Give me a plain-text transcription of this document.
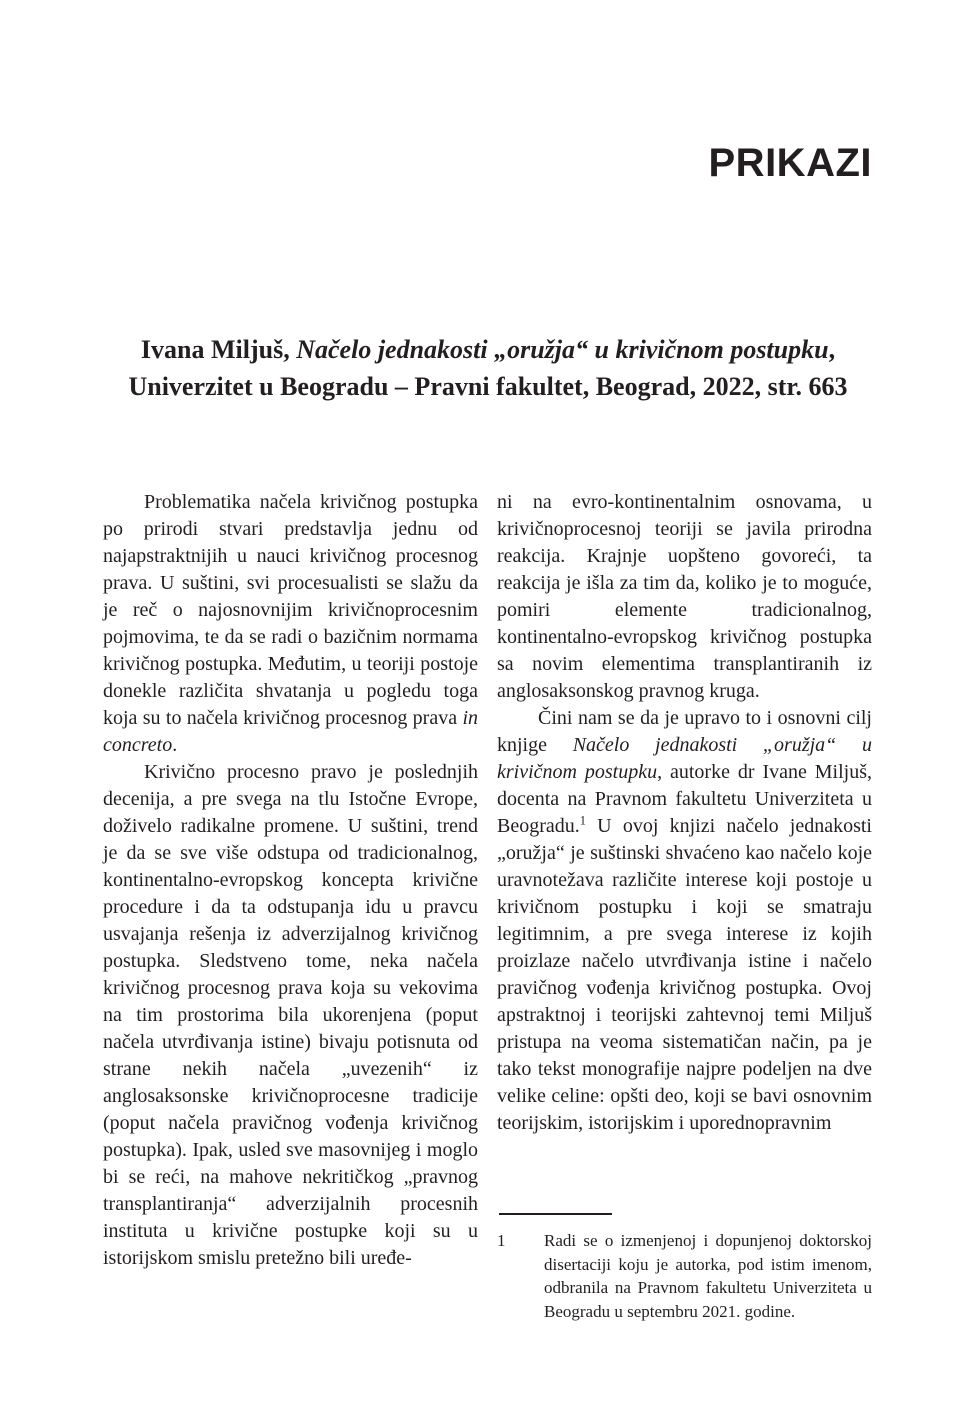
PRIKAZI
Ivana Miljuš, Načelo jednakosti „oružja“ u krivičnom postupku, Univerzitet u Beogradu – Pravni fakultet, Beograd, 2022, str. 663

Problematika načela krivičnog postupka po prirodi stvari predstavlja jednu od najapstraktnijih u nauci krivičnog procesnog prava. U suštini, svi procesualisti se slažu da je reč o najosnovnijim krivičnoprocesnim pojmovima, te da se radi o bazičnim normama krivičnog postupka. Međutim, u teoriji postoje donekle različita shvatanja u pogledu toga koja su to načela krivičnog procesnog prava in concreto.

Krivično procesno pravo je poslednjih decenija, a pre svega na tlu Istočne Evrope, doživelo radikalne promene. U suštini, trend je da se sve više odstupa od tradicionalnog, kontinentalno-evropskog koncepta krivične procedure i da ta odstupanja idu u pravcu usvajanja rešenja iz adverzijalnog krivičnog postupka. Sledstveno tome, neka načela krivičnog procesnog prava koja su vekovima na tim prostorima bila ukorenjena (poput načela utvrđivanja istine) bivaju potisnuta od strane nekih načela „uvezenih“ iz anglosaksonske krivičnoprocesne tradicije (poput načela pravičnog vođenja krivičnog postupka). Ipak, usled sve masovnijeg i moglo bi se reći, na mahove nekritičkog „pravnog transplantiranja“ adverzijalnih procesnih instituta u krivične postupke koji su u istorijskom smislu pretežno bili uređe-

ni na evro-kontinentalnim osnovama, u krivičnoprocesnoj teoriji se javila prirodna reakcija. Krajnje uopšteno govoreći, ta reakcija je išla za tim da, koliko je to moguće, pomiri elemente tradicionalnog, kontinentalno-evropskog krivičnog postupka sa novim elementima transplantiranih iz anglosaksonskog pravnog kruga.

Čini nam se da je upravo to i osnovni cilj knjige Načelo jednakosti „oružja“ u krivičnom postupku, autorke dr Ivane Miljuš, docenta na Pravnom fakultetu Univerziteta u Beogradu.$^1$ U ovoj knjizi načelo jednakosti „oružja“ je suštinski shvaćeno kao načelo koje uravnotežava različite interese koji postoje u krivičnom postupku i koji se smatraju legitimnim, a pre svega interese iz kojih proizlaze načelo utvrđivanja istine i načelo pravičnog vođenja krivičnog postupka. Ovoj apstraktnoj i teorijski zahtevnoj temi Miljuš pristupa na veoma sistematičan način, pa je tako tekst monografije najpre podeljen na dve velike celine: opšti deo, koji se bavi osnovnim teorijskim, istorijskim i uporednopravnim

1	Radi se o izmenjenoj i dopunjenoj doktorskoj disertaciji koju je autorka, pod istim imenom, odbranila na Pravnom fakultetu Univerziteta u Beogradu u septembru 2021. godine.
